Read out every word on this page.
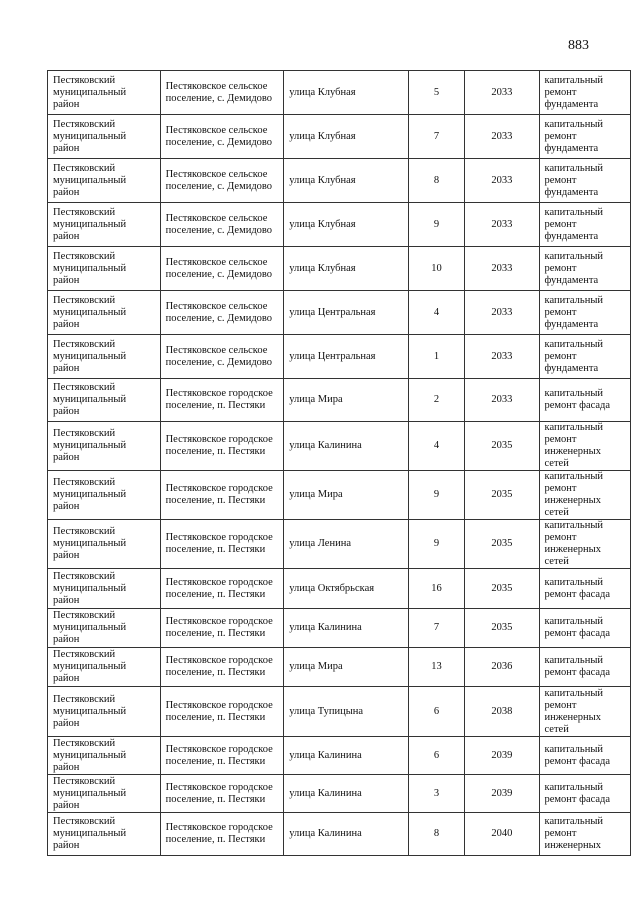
883
Пестяковский муниципальный район	Пестяковское сельское поселение, с. Демидово	улица Клубная	5	2033	капитальный ремонт фундамента
Пестяковский муниципальный район	Пестяковское сельское поселение, с. Демидово	улица Клубная	7	2033	капитальный ремонт фундамента
Пестяковский муниципальный район	Пестяковское сельское поселение, с. Демидово	улица Клубная	8	2033	капитальный ремонт фундамента
Пестяковский муниципальный район	Пестяковское сельское поселение, с. Демидово	улица Клубная	9	2033	капитальный ремонт фундамента
Пестяковский муниципальный район	Пестяковское сельское поселение, с. Демидово	улица Клубная	10	2033	капитальный ремонт фундамента
Пестяковский муниципальный район	Пестяковское сельское поселение, с. Демидово	улица Центральная	4	2033	капитальный ремонт фундамента
Пестяковский муниципальный район	Пестяковское сельское поселение, с. Демидово	улица Центральная	1	2033	капитальный ремонт фундамента
Пестяковский муниципальный район	Пестяковское городское поселение, п. Пестяки	улица Мира	2	2033	капитальный ремонт фасада
Пестяковский муниципальный район	Пестяковское городское поселение, п. Пестяки	улица Калинина	4	2035	капитальный ремонт инженерных сетей
Пестяковский муниципальный район	Пестяковское городское поселение, п. Пестяки	улица Мира	9	2035	капитальный ремонт инженерных сетей
Пестяковский муниципальный район	Пестяковское городское поселение, п. Пестяки	улица Ленина	9	2035	капитальный ремонт инженерных сетей
Пестяковский муниципальный район	Пестяковское городское поселение, п. Пестяки	улица Октябрьская	16	2035	капитальный ремонт фасада
Пестяковский муниципальный район	Пестяковское городское поселение, п. Пестяки	улица Калинина	7	2035	капитальный ремонт фасада
Пестяковский муниципальный район	Пестяковское городское поселение, п. Пестяки	улица Мира	13	2036	капитальный ремонт фасада
Пестяковский муниципальный район	Пестяковское городское поселение, п. Пестяки	улица Тупицына	6	2038	капитальный ремонт инженерных сетей
Пестяковский муниципальный район	Пестяковское городское поселение, п. Пестяки	улица Калинина	6	2039	капитальный ремонт фасада
Пестяковский муниципальный район	Пестяковское городское поселение, п. Пестяки	улица Калинина	3	2039	капитальный ремонт фасада
Пестяковский муниципальный район	Пестяковское городское поселение, п. Пестяки	улица Калинина	8	2040	капитальный ремонт инженерных
